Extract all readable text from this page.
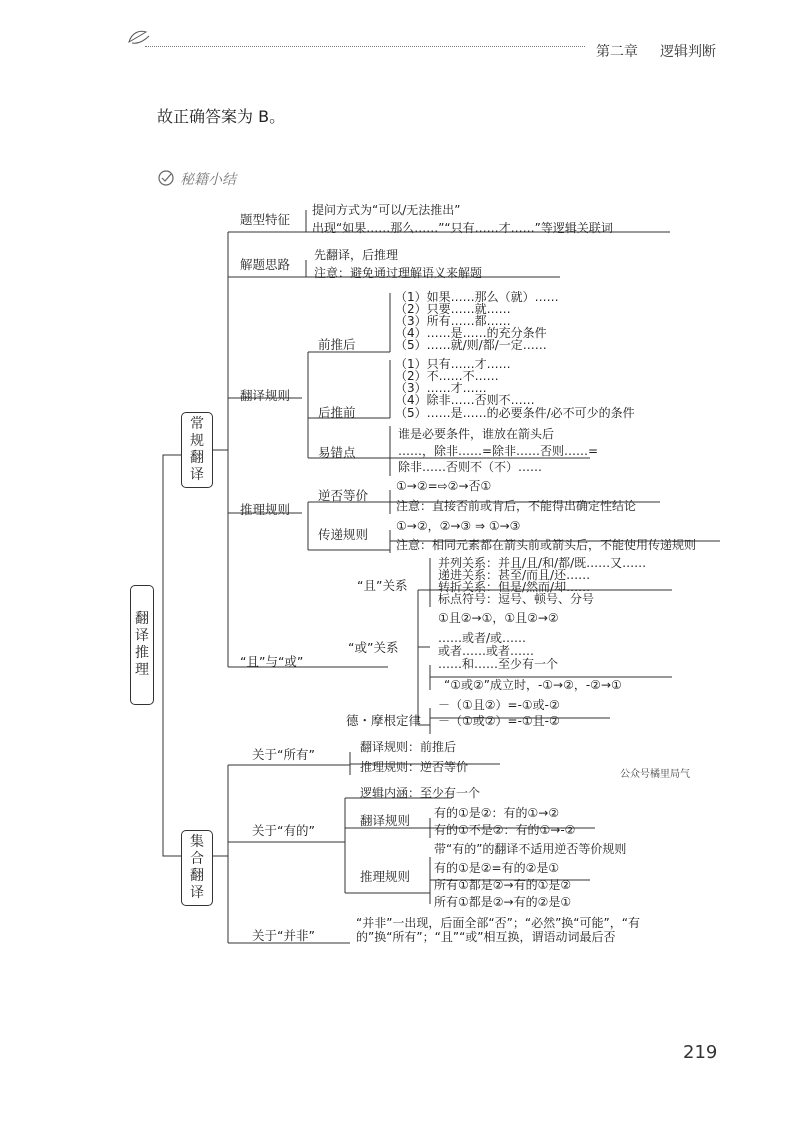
第二章 逻辑判断
故正确答案为 B。
秘籍小结
翻
译
推
理
常
规
翻
译
集
合
翻
译
题型特征
提问方式为“可以/无法推出”
出现“如果……那么……”“只有……才……”等逻辑关联词
解题思路
先翻译，后推理
注意：避免通过理解语义来解题
翻译规则
前推后
（1）如果……那么（就）……
（2）只要……就……
（3）所有……都……
（4）……是……的充分条件
（5）……就/则/都/一定……
后推前
（1）只有……才……
（2）不……不……
（3）……才……
（4）除非……否则不……
（5）……是……的必要条件/必不可少的条件
易错点
谁是必要条件，谁放在箭头后
……，除非……=除非……否则……=
除非……否则不（不）……
推理规则
逆否等价
①→②=⇨②→否①
注意：直接否前或肯后，不能得出确定性结论
传递规则
①→②，②→③ ⇒ ①→③
注意：相同元素都在箭头前或箭头后，不能使用传递规则
“且”与“或”
“且”关系
并列关系：并且/且/和/都/既……又……
递进关系：甚至/而且/还……
转折关系：但是/然而/却……
标点符号：逗号、顿号、分号
①且②→①，①且②→②
“或”关系
……或者/或……
或者……或者……
……和……至少有一个
“①或②”成立时，-①→②，-②→①
德・摩根定律
－（①且②）=-①或-②
－（①或②）=-①且-②
关于“所有”	翻译规则：前推后
推理规则：逆否等价
公众号橘里局气
关于“有的”
逻辑内涵：至少有一个
翻译规则 有的①是②：有的①→②
有的①不是②：有的①→-②
推理规则
带“有的”的翻译不适用逆否等价规则
有的①是②=有的②是①
所有①都是②→有的①是②
所有①都是②→有的②是①
关于“并非”
“并非”一出现，后面全部“否”；“必然”换“可能”，“有
的”换“所有”；“且”“或”相互换，谓语动词最后否
219
